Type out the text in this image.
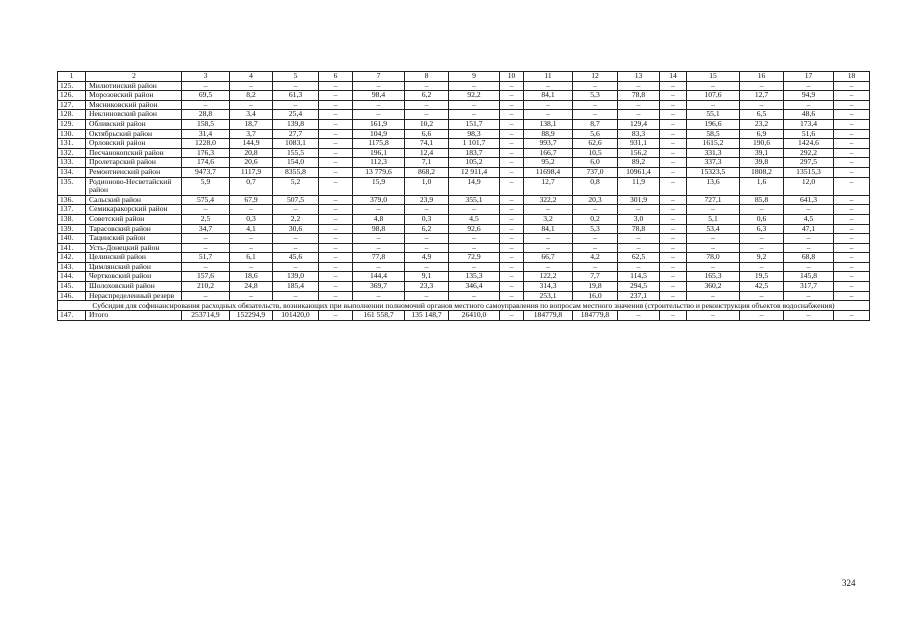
1	2	3	4	5	6	7	8	9	10	11	12	13	14	15	16	17	18
125.	Милютинский район	–	–	–	–	–	–	–	–	–	–	–	–	–	–	–	–
126.	Морозовский район	69,5	8,2	61,3	–	98,4	6,2	92,2	–	84,1	5,3	78,8	–	107,6	12,7	94,9	–
127.	Мясниковский район	–	–	–	–	–	–	–	–	–	–	–	–	–	–	–	–
128.	Неклиновский район	28,8	3,4	25,4	–	–	–	–	–	–	–	–	–	55,1	6,5	48,6	–
129.	Обливский район	158,5	18,7	139,8	–	161,9	10,2	151,7	–	138,1	8,7	129,4	–	196,6	23,2	173,4	–
130.	Октябрьский район	31,4	3,7	27,7	–	104,9	6,6	98,3	–	88,9	5,6	83,3	–	58,5	6,9	51,6	–
131.	Орловский район	1228,0	144,9	1083,1	–	1175,8	74,1	1 101,7	–	993,7	62,6	931,1	–	1615,2	190,6	1424,6	–
132.	Песчанокопский район	176,3	20,8	155,5	–	196,1	12,4	183,7	–	166,7	10,5	156,2	–	331,3	39,1	292,2	–
133.	Пролетарский район	174,6	20,6	154,0	–	112,3	7,1	105,2	–	95,2	6,0	89,2	–	337,3	39,8	297,5	–
134.	Ремонтненский район	9473,7	1117,9	8355,8	–	13 779,6	868,2	12 911,4	–	11698,4	737,0	10961,4	–	15323,5	1808,2	13515,3	–
135.	Родионово-Несветайский район	5,9	0,7	5,2	–	15,9	1,0	14,9	–	12,7	0,8	11,9	–	13,6	1,6	12,0	–
136.	Сальский район	575,4	67,9	507,5	–	379,0	23,9	355,1	–	322,2	20,3	301,9	–	727,1	85,8	641,3	–
137.	Семикаракорский район	–	–	–	–	–	–	–	–	–	–	–	–	–	–	–	–
138.	Советский район	2,5	0,3	2,2	–	4,8	0,3	4,5	–	3,2	0,2	3,0	–	5,1	0,6	4,5	–
139.	Тарасовский район	34,7	4,1	30,6	–	98,8	6,2	92,6	–	84,1	5,3	78,8	–	53,4	6,3	47,1	–
140.	Тацинский район	–	–	–	–	–	–	–	–	–	–	–	–	–	–	–	–
141.	Усть-Донецкий район	–	–	–	–	–	–	–	–	–	–	–	–	–	–	–	–
142.	Целинский район	51,7	6,1	45,6	–	77,8	4,9	72,9	–	66,7	4,2	62,5	–	78,0	9,2	68,8	–
143.	Цимлянский район	–	–	–	–	–	–	–	–	–	–	–	–	–	–	–	–
144.	Чертковский район	157,6	18,6	139,0	–	144,4	9,1	135,3	–	122,2	7,7	114,5	–	165,3	19,5	145,8	–
145.	Шолоховский район	210,2	24,8	185,4	–	369,7	23,3	346,4	–	314,3	19,8	294,5	–	360,2	42,5	317,7	–
146.	Нераспределенный резерв	–	–	–	–	–	–	–	–	253,1	16,0	237,1	–	–	–	–	–
Субсидия для софинансирования расходных обязательств, возникающих при выполнении полномочий органов местного самоуправления по вопросам местного значения (строительство и реконструкция объектов водоснабжения)																	
147.	Итого	253714,9	152294,9	101420,0	–	161 558,7	135 148,7	26410,0	–	184779,8	184779,8	–	–	–	–	–	–
324
